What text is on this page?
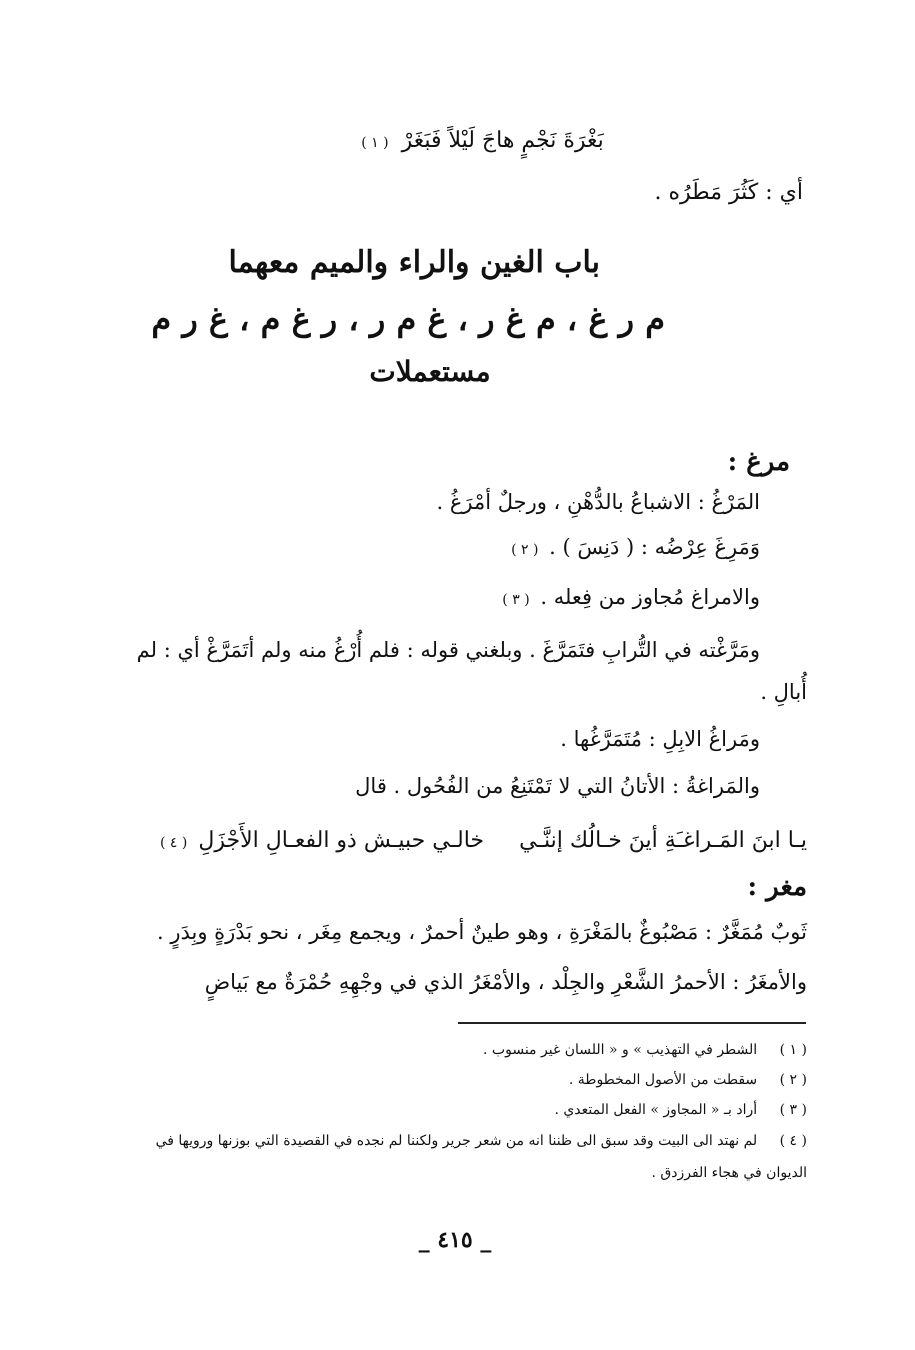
بَغْرَةَ نَجْمٍ هاجَ لَيْلاً فَبَغَرْ ( ١ )
أي : كَثُرَ مَطَرُه .
باب الغين والراء والميم معهما
م ر غ ، م غ ر ، غ م ر ، ر غ م ، غ ر م
مستعملات
مرغ :
المَرْغُ : الاشباعُ بالدُّهْنِ ، ورجلٌ أمْرَغُ .
وَمَرِغَ عِرْضُه : ( دَنِسَ ) . ( ٢ )
والامراغ مُجاوز من فِعله . ( ٣ )
ومَرَّغْته في التُّرابِ فتَمَرَّغَ . وبلغني قوله : فلم أُرْغُ منه ولم أتَمَرَّغْ أي : لم
أُبالِ .
ومَراغُ الابِلِ : مُتَمَرَّغُها .
والمَراغةُ : الأتانُ التي لا تَمْتَنِعُ من الفُحُول . قال
يـا ابنَ المَـراغـَةِ أينَ خـالُك إننَّـي
خالـي حبيـش ذو الفعـالِ الأَجْزَلِ ( ٤ )
مغر :
ثَوبٌ مُمَغَّرٌ : مَصْبُوغٌ بالمَغْرَةِ ، وهو طينٌ أحمرٌ ، ويجمع مِغَر ، نحو بَدْرَةٍ وبِدَرٍ .
والأمغَرُ : الأحمرُ الشَّعْرِ والجِلْد ، والأمْغَرُ الذي في وجْهِهِ حُمْرَةٌ مع بَياضٍ
( ١ ) الشطر في التهذيب » و « اللسان غير منسوب .
( ٢ ) سقطت من الأصول المخطوطة .
( ٣ ) أراد بـ « المجاوز » الفعل المتعدي .
( ٤ ) لم نهتد الى البيت وقد سبق الى ظننا انه من شعر جرير ولكننا لم نجده في القصيدة التي بوزنها ورويها في
الديوان في هجاء الفرزدق .
_ ٤١٥ _
